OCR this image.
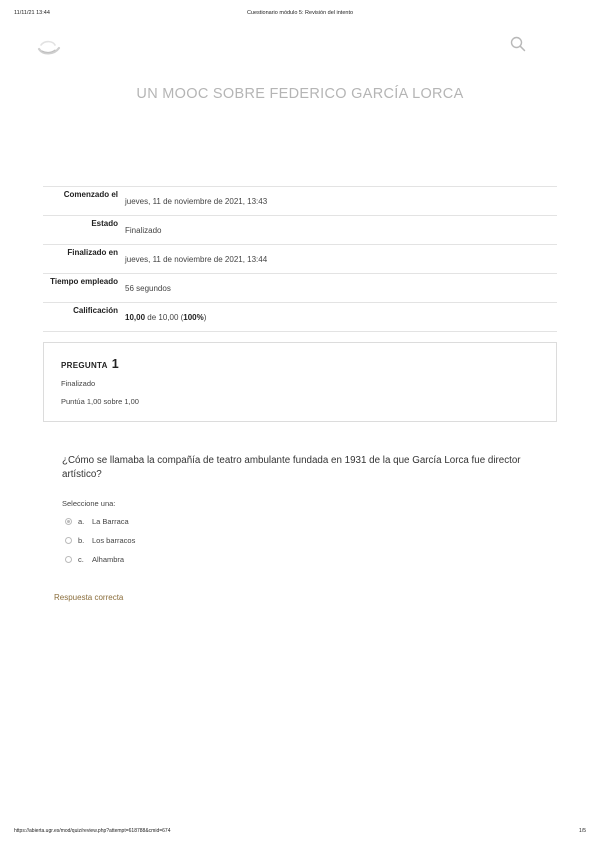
11/11/21 13:44	Cuestionario módulo 5: Revisión del intento
UN MOOC SOBRE FEDERICO GARCÍA LORCA
Comenzado el	jueves, 11 de noviembre de 2021, 13:43
Estado	Finalizado
Finalizado en	jueves, 11 de noviembre de 2021, 13:44
Tiempo empleado	56 segundos
Calificación	10,00 de 10,00 (100%)
PREGUNTA 1
Finalizado
Puntúa 1,00 sobre 1,00
¿Cómo se llamaba la compañía de teatro ambulante fundada en 1931 de la que García Lorca fue director artístico?
Seleccione una:
a.	La Barraca
b.	Los barracos
c.	Alhambra
Respuesta correcta
https://abierta.ugr.es/mod/quiz/review.php?attempt=618788&cmid=674	1/5
